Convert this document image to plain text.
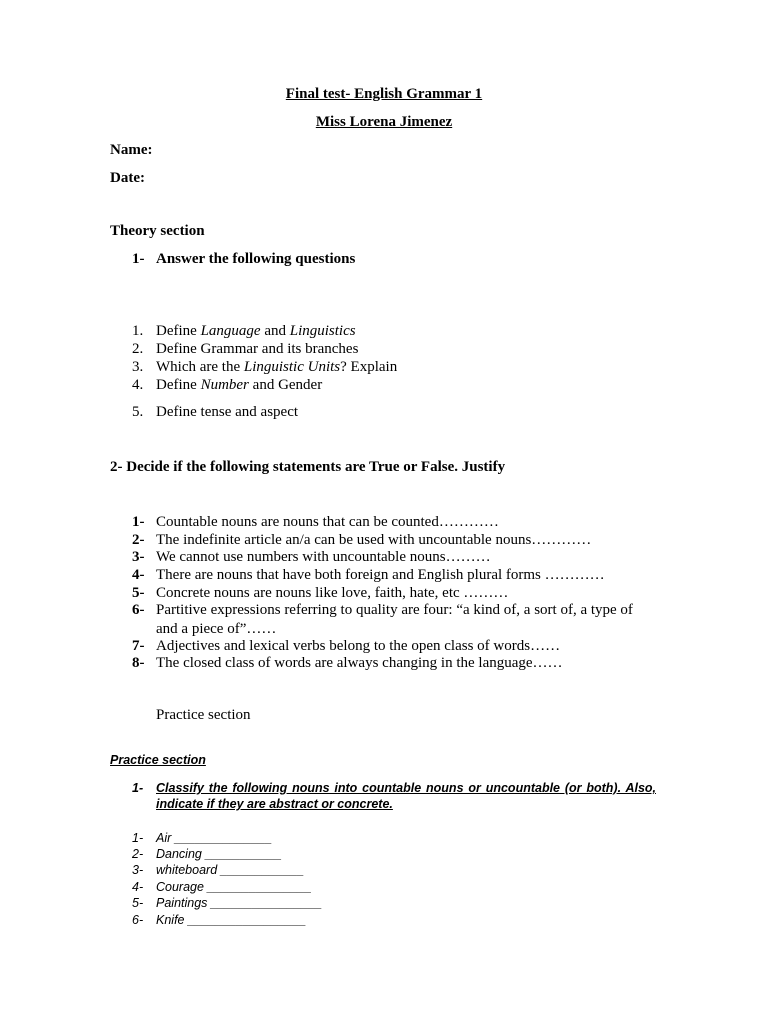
Final test- English Grammar 1
Miss Lorena Jimenez
Name:
Date:
Theory section
1- Answer the following questions
1. Define Language and Linguistics
2. Define Grammar and its branches
3. Which are the Linguistic Units? Explain
4. Define Number and Gender
5. Define tense and aspect
2- Decide if the following statements are True or False. Justify
1- Countable nouns are nouns that can be counted…………
2- The indefinite article an/a can be used with uncountable nouns…………
3- We cannot use numbers with uncountable nouns………
4- There are nouns that have both foreign and English plural forms …………
5- Concrete nouns are nouns like love, faith, hate, etc ………
6- Partitive expressions referring to quality are four: “a kind of, a sort of, a type of
and a piece of”……
7- Adjectives and lexical verbs belong to the open class of words……
8- The closed class of words are always changing in the language……
Practice section
Practice section
1- Classify the following nouns into countable nouns or uncountable (or both). Also,
indicate if they are abstract or concrete.
1- Air ______________
2- Dancing ___________
3- whiteboard ____________
4- Courage _______________
5- Paintings ________________
6- Knife _________________
